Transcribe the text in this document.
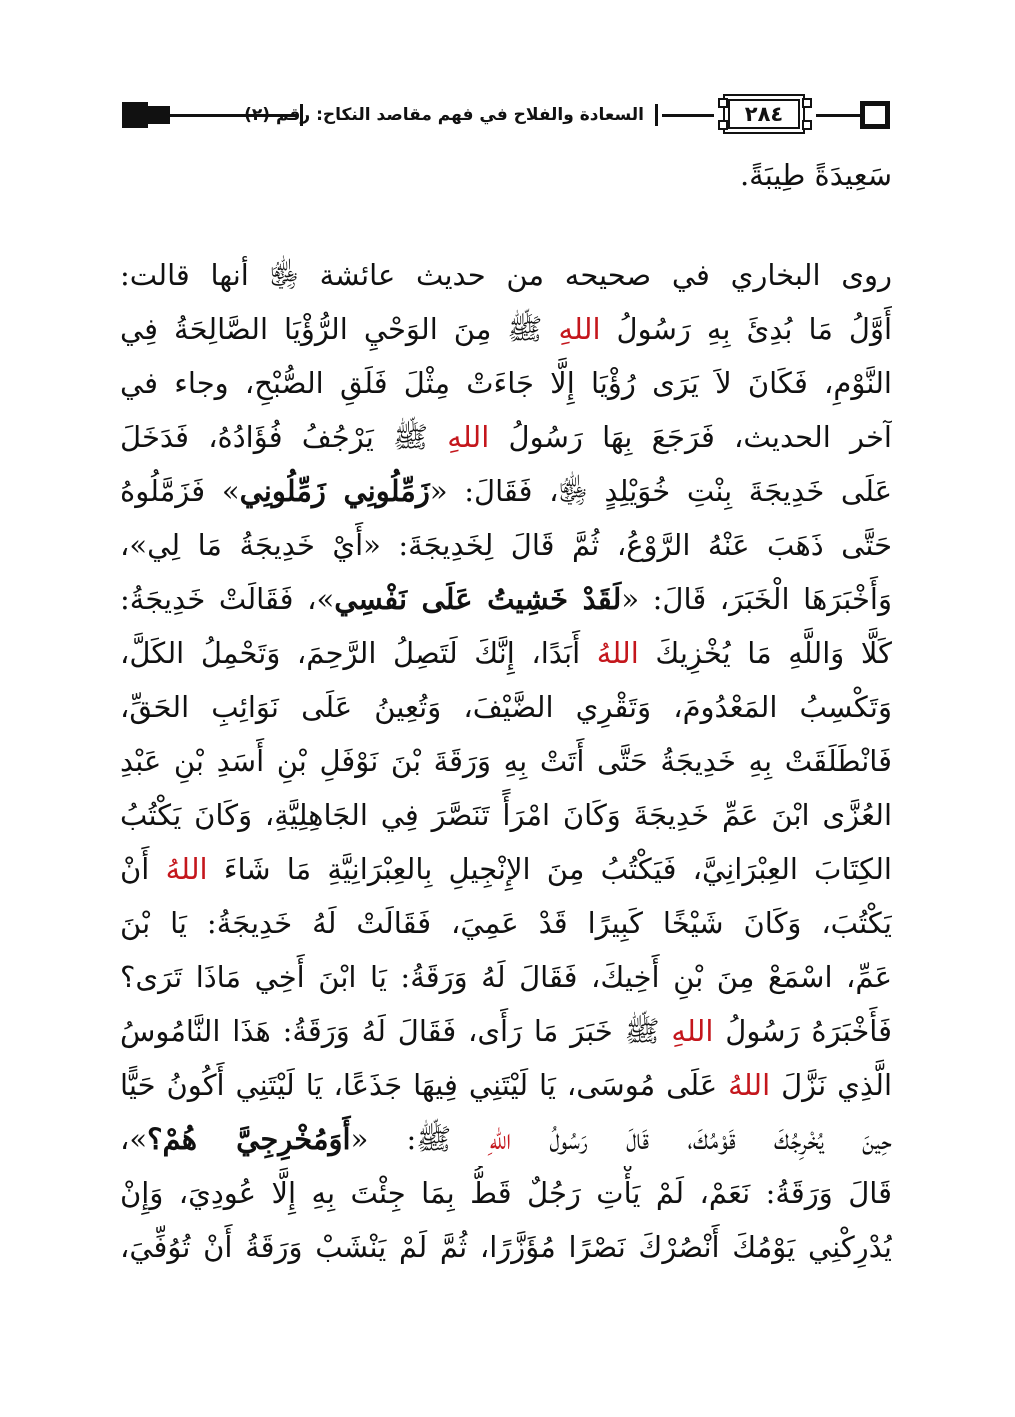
السعادة والفلاح في فهم مقاصد النكاح: رقم (٢)	٢٨٤
سَعِيدَةً طِيبَةً.
روى البخاري في صحيحه من حديث عائشة ﵂ أنها قالت:
أَوَّلُ مَا بُدِئَ بِهِ رَسُولُ اللهِ ﷺ مِنَ الوَحْيِ الرُّؤْيَا الصَّالِحَةُ فِي
النَّوْمِ، فَكَانَ لاَ يَرَى رُؤْيَا إِلَّا جَاءَتْ مِثْلَ فَلَقِ الصُّبْحِ، وجاء في
آخر الحديث، فَرَجَعَ بِهَا رَسُولُ اللهِ ﷺ يَرْجُفُ فُؤَادُهُ، فَدَخَلَ
عَلَى خَدِيجَةَ بِنْتِ خُوَيْلِدٍ ﵂، فَقَالَ: «زَمِّلُونِي زَمِّلُونِي» فَزَمَّلُوهُ
حَتَّى ذَهَبَ عَنْهُ الرَّوْعُ، ثُمَّ قَالَ لِخَدِيجَةَ: «أَيْ خَدِيجَةُ مَا لِي»،
وَأَخْبَرَهَا الْخَبَرَ، قَالَ: «لَقَدْ خَشِيتُ عَلَى نَفْسِي»، فَقَالَتْ خَدِيجَةُ:
كَلَّا وَاللَّهِ مَا يُخْزِيكَ اللهُ أَبَدًا، إِنَّكَ لَتَصِلُ الرَّحِمَ، وَتَحْمِلُ الكَلَّ،
وَتَكْسِبُ المَعْدُومَ، وَتَقْرِي الضَّيْفَ، وَتُعِينُ عَلَى نَوَائِبِ الحَقِّ،
فَانْطَلَقَتْ بِهِ خَدِيجَةُ حَتَّى أَتَتْ بِهِ وَرَقَةَ بْنَ نَوْفَلِ بْنِ أَسَدِ بْنِ عَبْدِ
العُزَّى ابْنَ عَمِّ خَدِيجَةَ وَكَانَ امْرَأً تَنَصَّرَ فِي الجَاهِلِيَّةِ، وَكَانَ يَكْتُبُ
الكِتَابَ العِبْرَانِيَّ، فَيَكْتُبُ مِنَ الإِنْجِيلِ بِالعِبْرَانِيَّةِ مَا شَاءَ اللهُ أَنْ
يَكْتُبَ، وَكَانَ شَيْخًا كَبِيرًا قَدْ عَمِيَ، فَقَالَتْ لَهُ خَدِيجَةُ: يَا بْنَ
عَمِّ، اسْمَعْ مِنَ بْنِ أَخِيكَ، فَقَالَ لَهُ وَرَقَةُ: يَا ابْنَ أَخِي مَاذَا تَرَى؟
فَأَخْبَرَهُ رَسُولُ اللهِ ﷺ خَبَرَ مَا رَأَى، فَقَالَ لَهُ وَرَقَةُ: هَذَا النَّامُوسُ
الَّذِي نَزَّلَ اللهُ عَلَى مُوسَى، يَا لَيْتَنِي فِيهَا جَذَعًا، يَا لَيْتَنِي أَكُونُ حَيًّا
حِينَ يُخْرِجُكَ قَوْمُكَ، قَالَ رَسُولُ اللهِ ﷺ: «أَوَمُخْرِجِيَّ هُمْ؟»،
قَالَ وَرَقَةُ: نَعَمْ، لَمْ يَأْتِ رَجُلٌ قَطُّ بِمَا جِئْتَ بِهِ إِلَّا عُودِيَ، وَإِنْ
يُدْرِكْنِي يَوْمُكَ أَنْصُرْكَ نَصْرًا مُؤَزَّرًا، ثُمَّ لَمْ يَنْشَبْ وَرَقَةُ أَنْ تُوُفِّيَ،
